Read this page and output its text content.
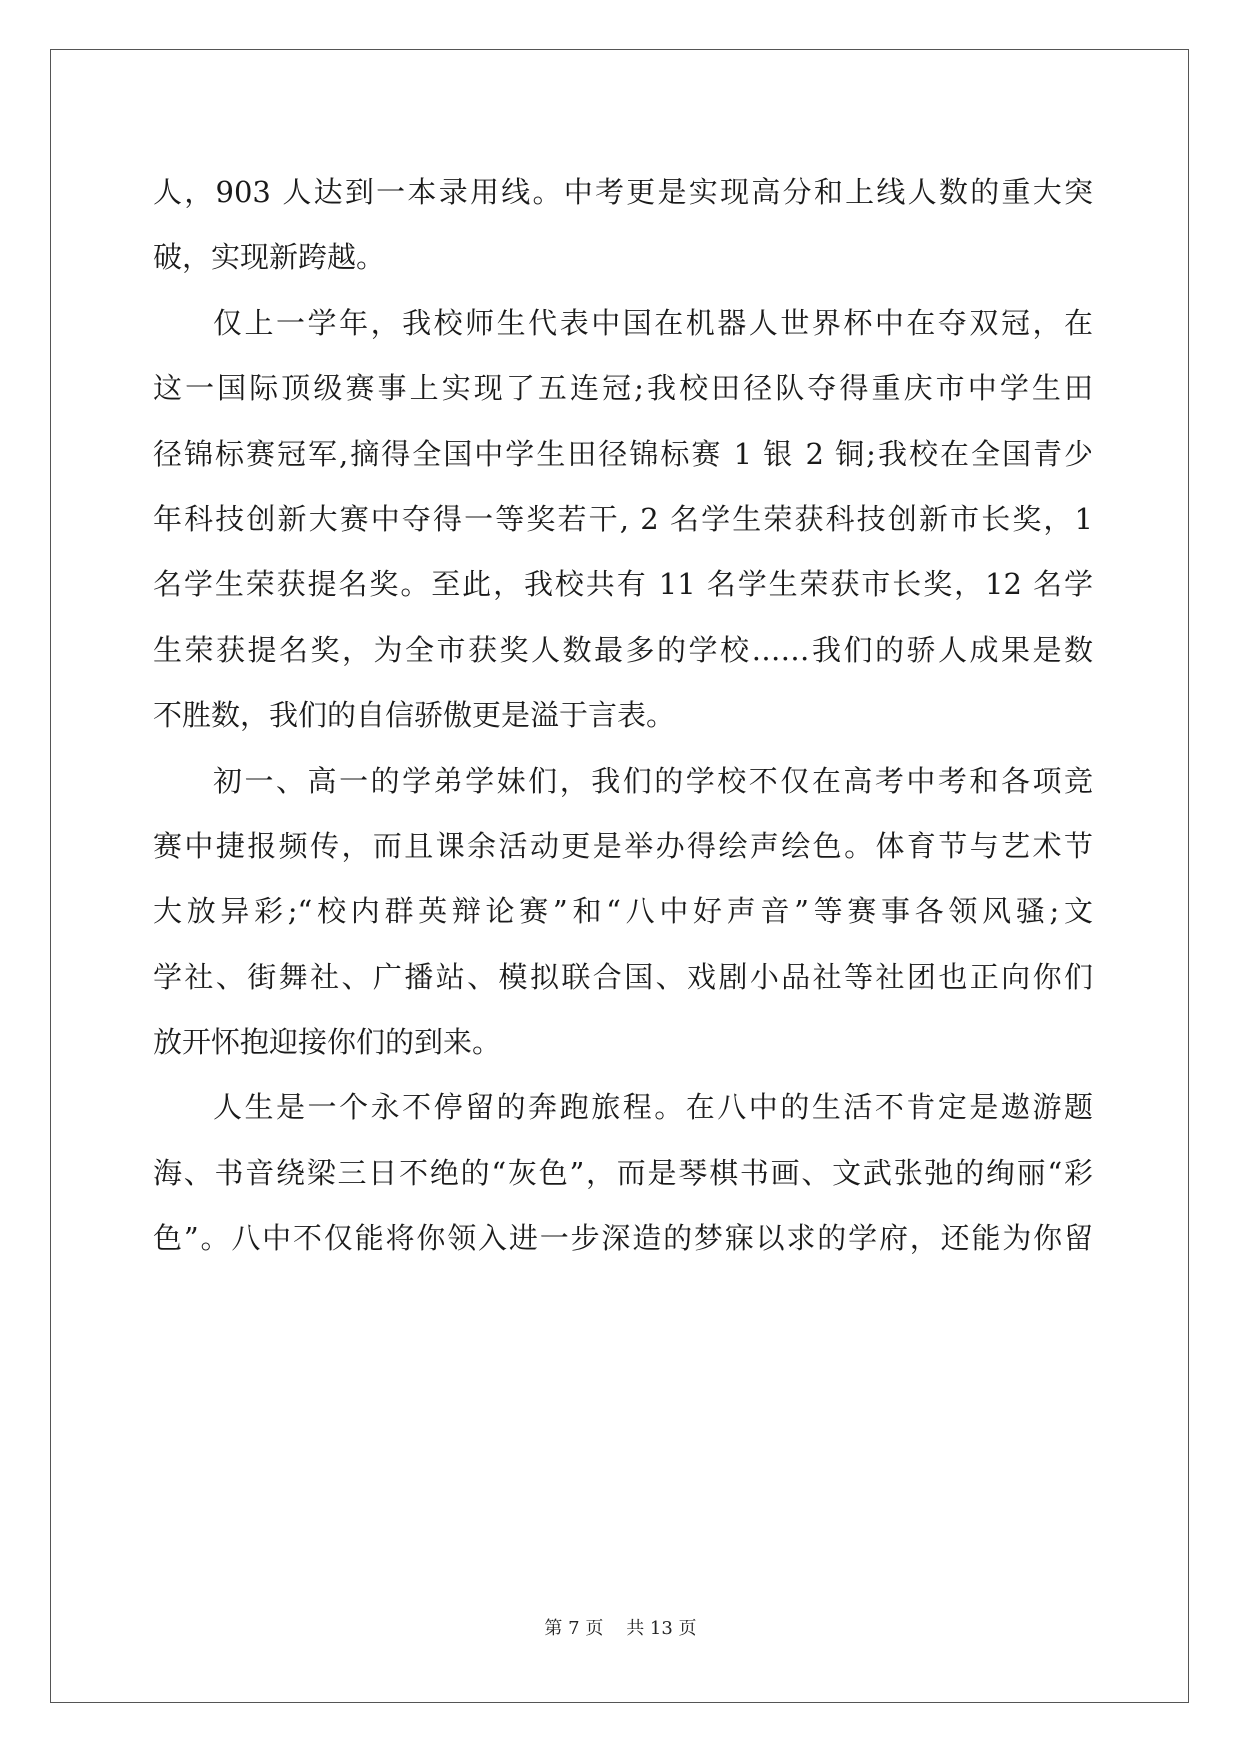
人，903 人达到一本录用线。中考更是实现高分和上线人数的重大突
破，实现新跨越。
仅上一学年，我校师生代表中国在机器人世界杯中在夺双冠，在
这一国际顶级赛事上实现了五连冠;我校田径队夺得重庆市中学生田
径锦标赛冠军,摘得全国中学生田径锦标赛 1 银 2 铜;我校在全国青少
年科技创新大赛中夺得一等奖若干, 2 名学生荣获科技创新市长奖，1
名学生荣获提名奖。至此，我校共有 11 名学生荣获市长奖，12 名学
生荣获提名奖，为全市获奖人数最多的学校……我们的骄人成果是数
不胜数，我们的自信骄傲更是溢于言表。
初一、高一的学弟学妹们，我们的学校不仅在高考中考和各项竞
赛中捷报频传，而且课余活动更是举办得绘声绘色。体育节与艺术节
大放异彩;“校内群英辩论赛”和“八中好声音”等赛事各领风骚;文
学社、街舞社、广播站、模拟联合国、戏剧小品社等社团也正向你们
放开怀抱迎接你们的到来。
人生是一个永不停留的奔跑旅程。在八中的生活不肯定是遨游题
海、书音绕梁三日不绝的“灰色”，而是琴棋书画、文武张弛的绚丽“彩
色”。八中不仅能将你领入进一步深造的梦寐以求的学府，还能为你留
第 7 页    共 13 页
